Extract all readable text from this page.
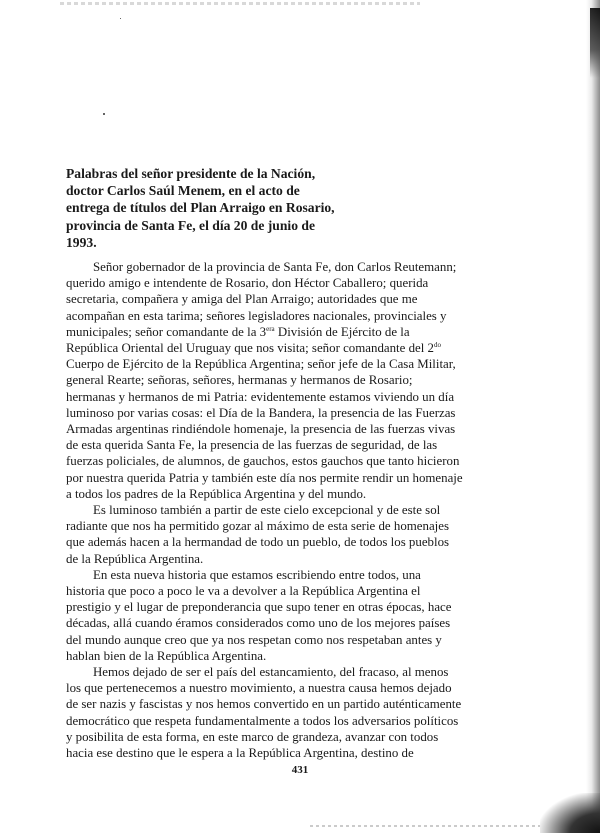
Palabras del señor presidente de la Nación,
doctor Carlos Saúl Menem, en el acto de
entrega de títulos del Plan Arraigo en Rosario,
provincia de Santa Fe, el día 20 de junio de
1993.

Señor gobernador de la provincia de Santa Fe, don Carlos Reutemann;
querido amigo e intendente de Rosario, don Héctor Caballero; querida
secretaria, compañera y amiga del Plan Arraigo; autoridades que me
acompañan en esta tarima; señores legisladores nacionales, provinciales y
municipales; señor comandante de la $3^{era}$ División de Ejército de la
República Oriental del Uruguay que nos visita; señor comandante del $2^{do}$
Cuerpo de Ejército de la República Argentina; señor jefe de la Casa Militar,
general Rearte; señoras, señores, hermanas y hermanos de Rosario;
hermanas y hermanos de mi Patria: evidentemente estamos viviendo un día
luminoso por varias cosas: el Día de la Bandera, la presencia de las Fuerzas
Armadas argentinas rindiéndole homenaje, la presencia de las fuerzas vivas
de esta querida Santa Fe, la presencia de las fuerzas de seguridad, de las
fuerzas policiales, de alumnos, de gauchos, estos gauchos que tanto hicieron
por nuestra querida Patria y también este día nos permite rendir un homenaje
a todos los padres de la República Argentina y del mundo.

Es luminoso también a partir de este cielo excepcional y de este sol
radiante que nos ha permitido gozar al máximo de esta serie de homenajes
que además hacen a la hermandad de todo un pueblo, de todos los pueblos
de la República Argentina.

En esta nueva historia que estamos escribiendo entre todos, una
historia que poco a poco le va a devolver a la República Argentina el
prestigio y el lugar de preponderancia que supo tener en otras épocas, hace
décadas, allá cuando éramos considerados como uno de los mejores países
del mundo aunque creo que ya nos respetan como nos respetaban antes y
hablan bien de la República Argentina.

Hemos dejado de ser el país del estancamiento, del fracaso, al menos
los que pertenecemos a nuestro movimiento, a nuestra causa hemos dejado
de ser nazis y fascistas y nos hemos convertido en un partido auténticamente
democrático que respeta fundamentalmente a todos los adversarios políticos
y posibilita de esta forma, en este marco de grandeza, avanzar con todos
hacia ese destino que le espera a la República Argentina, destino de

431
